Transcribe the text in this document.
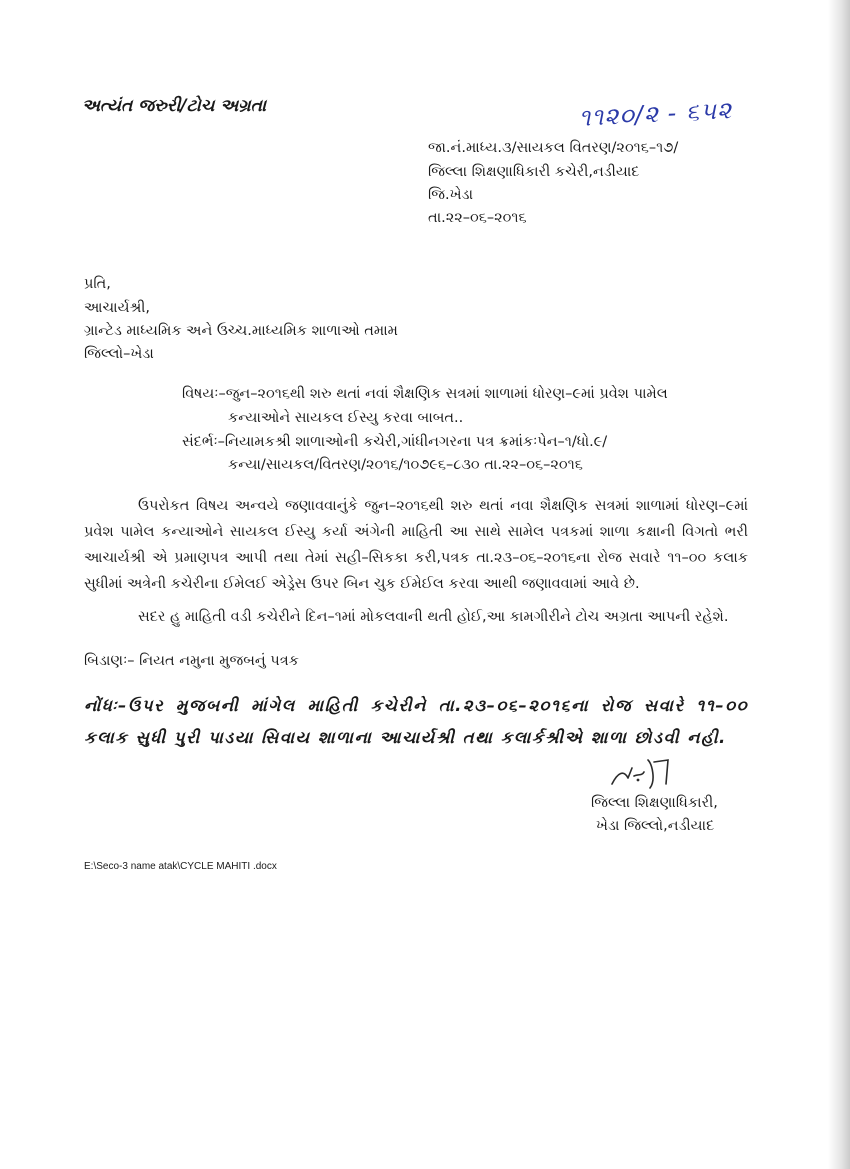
અત્યંત જરુરી/ટોચ અગ્રતા	૧૧૨૦/૨ - ૬૫૨
જા.નં.માધ્ય.૩/સાયકલ વિતરણ/૨૦૧૬–૧૭/
જિલ્લા શિક્ષણાધિકારી કચેરી,નડીયાદ
જિ.ખેડા
તા.૨૨–૦૬–૨૦૧૬
પ્રતિ,
આચાર્યશ્રી,
ગ્રાન્ટેડ માધ્યમિક અને ઉચ્ચ.માધ્યમિક શાળાઓ તમામ
જિલ્લો–ખેડા
વિષયઃ–જુન–૨૦૧૬થી શરુ થતાં નવાં શૈક્ષણિક સત્રમાં શાળામાં ધોરણ–૯માં પ્રવેશ પામેલ
કન્યાઓને સાયકલ ઈસ્યુ કરવા બાબત..
સંદર્ભઃ–નિયામકશ્રી શાળાઓની કચેરી,ગાંધીનગરના પત્ર ક્રમાંકઃપેન–૧/ધો.૯/
કન્યા/સાયકલ/વિતરણ/૨૦૧૬/૧૦૭૯૬–૮૩૦ તા.૨૨–૦૬–૨૦૧૬
ઉપરોકત વિષય અન્વયે જણાવવાનુંકે જુન–૨૦૧૬થી શરુ થતાં નવા શૈક્ષણિક સત્રમાં શાળામાં ધોરણ–૯માં પ્રવેશ પામેલ કન્યાઓને સાયકલ ઈસ્યુ કર્યા અંગેની માહિતી આ સાથે સામેલ પત્રકમાં શાળા કક્ષાની વિગતો ભરી આચાર્યશ્રી એ પ્રમાણપત્ર આપી તથા તેમાં સહી–સિકકા કરી,પત્રક તા.૨૩–૦૬–૨૦૧૬ના રોજ સવારે ૧૧–૦૦ કલાક સુધીમાં અત્રેની કચેરીના ઈમેલઈ એડ્રેસ ઉપર બિન ચુક ઈમેઈલ કરવા આથી જણાવવામાં આવે છે.
સદર હુ માહિતી વડી કચેરીને દિન–૧માં મોકલવાની થતી હોઈ,આ કામગીરીને ટોચ અગ્રતા આપની રહેશે.
બિડાણઃ– નિયત નમુના મુજબનું પત્રક
નોંધઃ–ઉપર મુજબની માંગેલ માહિતી કચેરીને તા.૨૩–૦૬–૨૦૧૬ના રોજ સવારે ૧૧–૦૦ કલાક સુધી પુરી પાડયા સિવાય શાળાના આચાર્યશ્રી તથા કલાર્કશ્રીએ શાળા છોડવી નહી.
જિલ્લા શિક્ષણાધિકારી,
ખેડા જિલ્લો,નડીયાદ
E:\Seco-3 name atak\CYCLE MAHITI .docx
